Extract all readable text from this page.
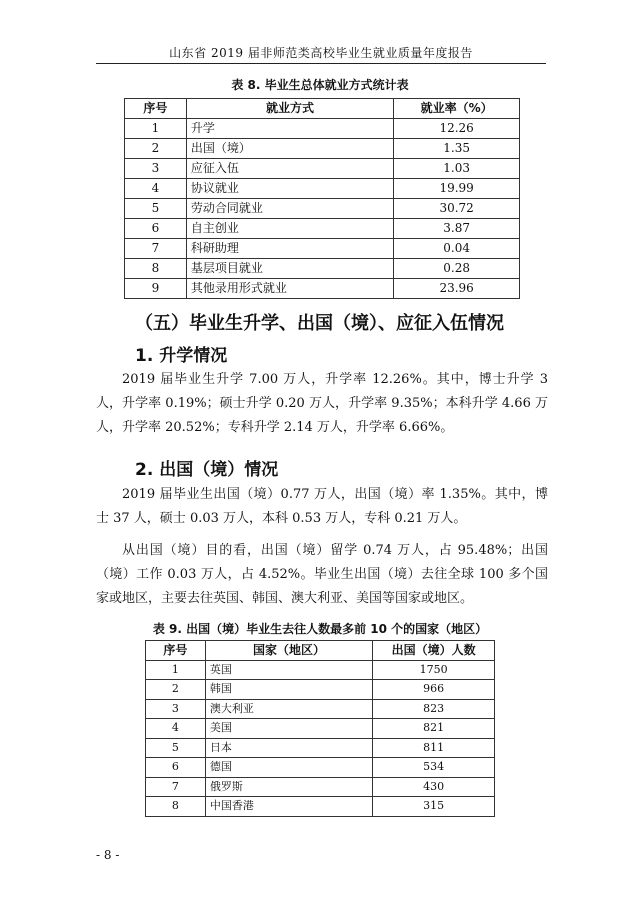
山东省 2019 届非师范类高校毕业生就业质量年度报告
表 8. 毕业生总体就业方式统计表
序号	就业方式	就业率（%）
1	升学	12.26
2	出国（境）	1.35
3	应征入伍	1.03
4	协议就业	19.99
5	劳动合同就业	30.72
6	自主创业	3.87
7	科研助理	0.04
8	基层项目就业	0.28
9	其他录用形式就业	23.96
（五）毕业生升学、出国（境）、应征入伍情况
1. 升学情况
2019 届毕业生升学 7.00 万人，升学率 12.26%。其中，博士升学 3 人，升学率 0.19%；硕士升学 0.20 万人，升学率 9.35%；本科升学 4.66 万人，升学率 20.52%；专科升学 2.14 万人，升学率 6.66%。
2. 出国（境）情况
2019 届毕业生出国（境）0.77 万人，出国（境）率 1.35%。其中，博士 37 人，硕士 0.03 万人，本科 0.53 万人，专科 0.21 万人。
从出国（境）目的看，出国（境）留学 0.74 万人，占 95.48%；出国（境）工作 0.03 万人，占 4.52%。毕业生出国（境）去往全球 100 多个国家或地区，主要去往英国、韩国、澳大利亚、美国等国家或地区。
表 9. 出国（境）毕业生去往人数最多前 10 个的国家（地区）
序号	国家（地区）	出国（境）人数
1	英国	1750
2	韩国	966
3	澳大利亚	823
4	美国	821
5	日本	811
6	德国	534
7	俄罗斯	430
8	中国香港	315
- 8 -
